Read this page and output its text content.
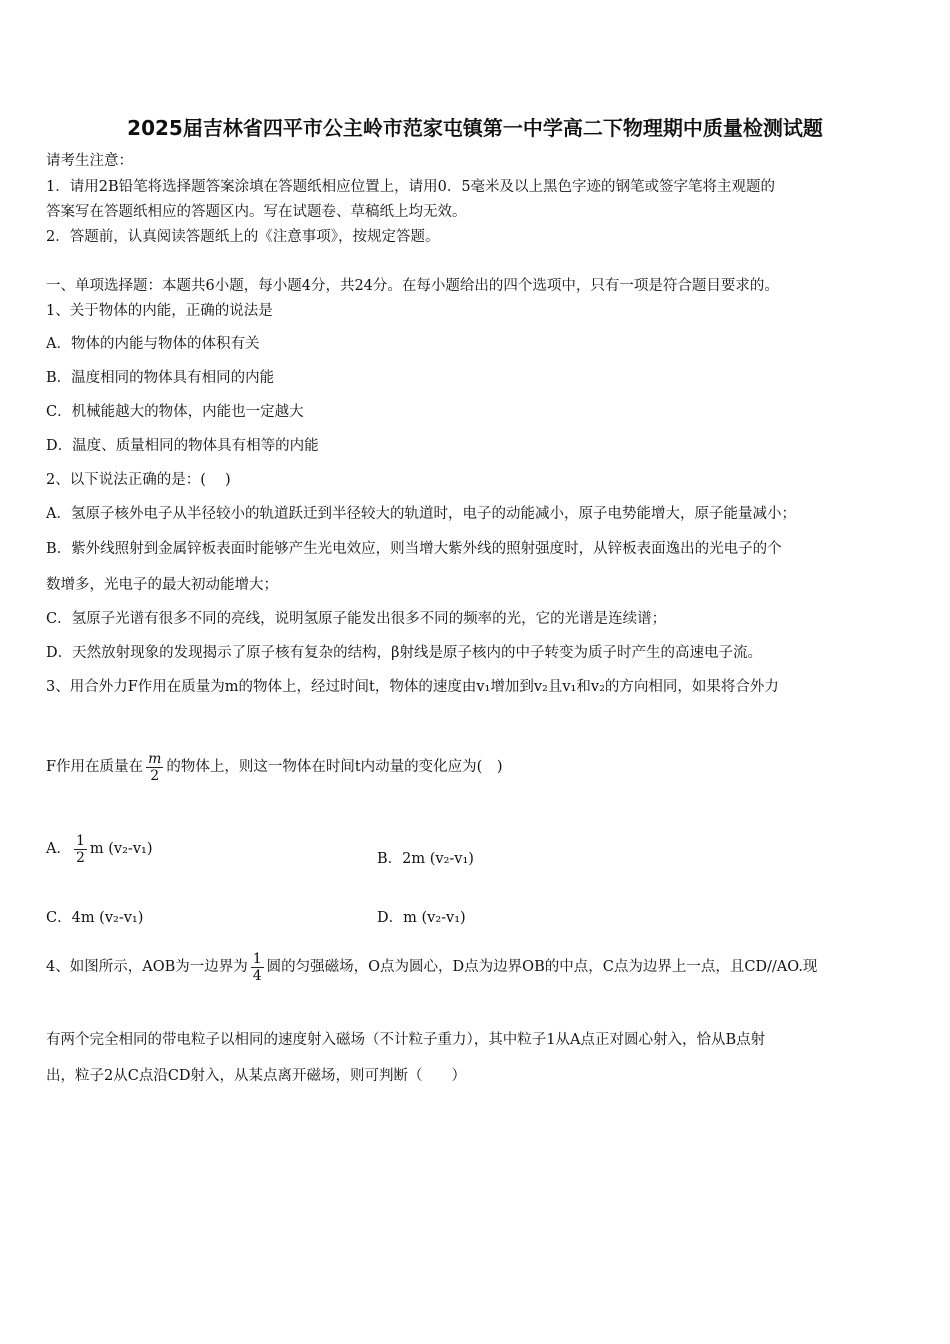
2025届吉林省四平市公主岭市范家屯镇第一中学高二下物理期中质量检测试题
请考生注意：
1．请用2B铅笔将选择题答案涂填在答题纸相应位置上，请用0．5毫米及以上黑色字迹的钢笔或签字笔将主观题的
答案写在答题纸相应的答题区内。写在试题卷、草稿纸上均无效。
2．答题前，认真阅读答题纸上的《注意事项》，按规定答题。
一、单项选择题：本题共6小题，每小题4分，共24分。在每小题给出的四个选项中，只有一项是符合题目要求的。
1、关于物体的内能，正确的说法是
A．物体的内能与物体的体积有关
B．温度相同的物体具有相同的内能
C．机械能越大的物体，内能也一定越大
D．温度、质量相同的物体具有相等的内能
2、以下说法正确的是：(　 )
A．氢原子核外电子从半径较小的轨道跃迁到半径较大的轨道时，电子的动能减小，原子电势能增大，原子能量减小；
B．紫外线照射到金属锌板表面时能够产生光电效应，则当增大紫外线的照射强度时，从锌板表面逸出的光电子的个
数增多，光电子的最大初动能增大；
C．氢原子光谱有很多不同的亮线，说明氢原子能发出很多不同的频率的光，它的光谱是连续谱；
D．天然放射现象的发现揭示了原子核有复杂的结构，β射线是原子核内的中子转变为质子时产生的高速电子流。
3、用合外力F作用在质量为m的物体上，经过时间t，物体的速度由v₁增加到v₂且v₁和v₂的方向相同，如果将合外力
F作用在质量在 $\frac{m}{2}$ 的物体上，则这一物体在时间t内动量的变化应为(　)
A． $\frac{1}{2}$ m (v₂-v₁)
B．2m (v₂-v₁)
C．4m (v₂-v₁)	D．m (v₂-v₁)
4、如图所示，AOB为一边界为 $\frac{1}{4}$ 圆的匀强磁场，O点为圆心，D点为边界OB的中点，C点为边界上一点，且CD//AO.现
有两个完全相同的带电粒子以相同的速度射入磁场（不计粒子重力），其中粒子1从A点正对圆心射入，恰从B点射
出，粒子2从C点沿CD射入，从某点离开磁场，则可判断（　　）
